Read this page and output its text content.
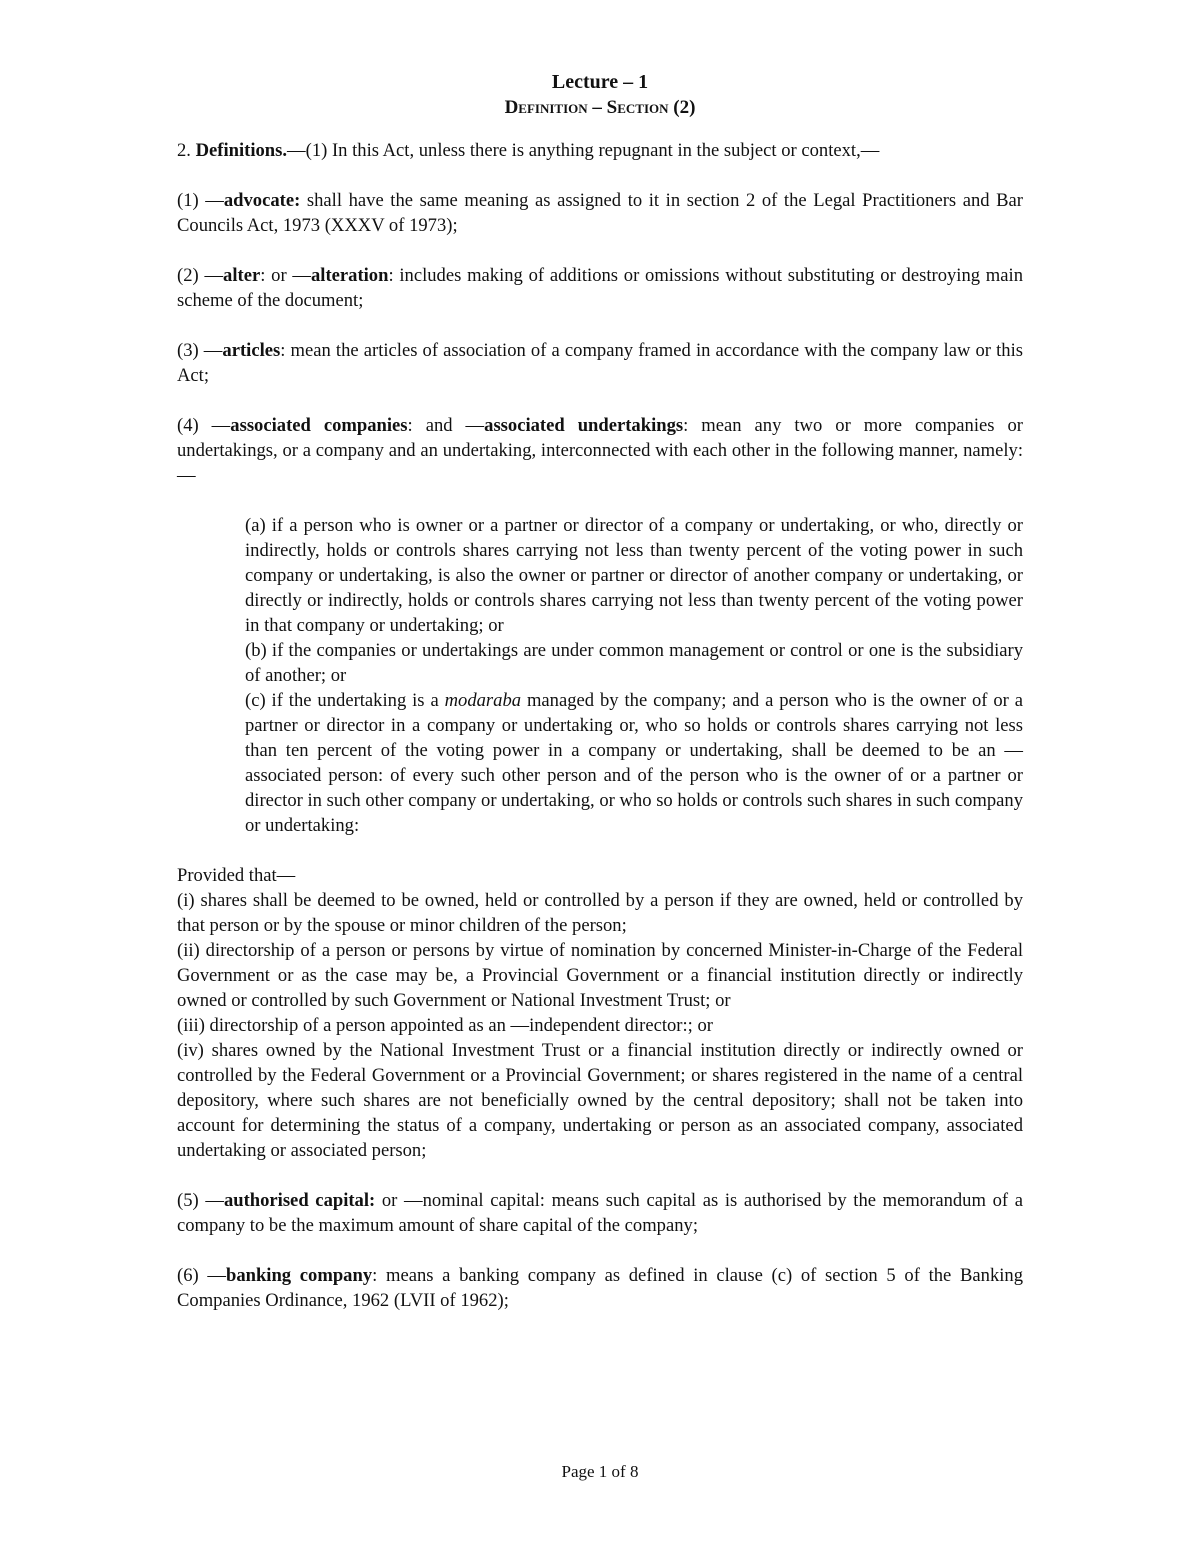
Lecture – 1
Definition – Section (2)

2. Definitions.—(1) In this Act, unless there is anything repugnant in the subject or context,—

(1) —advocate: shall have the same meaning as assigned to it in section 2 of the Legal Practitioners and Bar Councils Act, 1973 (XXXV of 1973);

(2) —alter: or —alteration: includes making of additions or omissions without substituting or destroying main scheme of the document;

(3) —articles: mean the articles of association of a company framed in accordance with the company law or this Act;

(4) —associated companies: and —associated undertakings: mean any two or more companies or undertakings, or a company and an undertaking, interconnected with each other in the following manner, namely:—

(a) if a person who is owner or a partner or director of a company or undertaking, or who, directly or indirectly, holds or controls shares carrying not less than twenty percent of the voting power in such company or undertaking, is also the owner or partner or director of another company or undertaking, or directly or indirectly, holds or controls shares carrying not less than twenty percent of the voting power in that company or undertaking; or

(b) if the companies or undertakings are under common management or control or one is the subsidiary of another; or

(c) if the undertaking is a modaraba managed by the company; and a person who is the owner of or a partner or director in a company or undertaking or, who so holds or controls shares carrying not less than ten percent of the voting power in a company or undertaking, shall be deemed to be an —associated person: of every such other person and of the person who is the owner of or a partner or director in such other company or undertaking, or who so holds or controls such shares in such company or undertaking:

Provided that—

(i) shares shall be deemed to be owned, held or controlled by a person if they are owned, held or controlled by that person or by the spouse or minor children of the person;

(ii) directorship of a person or persons by virtue of nomination by concerned Minister-in-Charge of the Federal Government or as the case may be, a Provincial Government or a financial institution directly or indirectly owned or controlled by such Government or National Investment Trust; or

(iii) directorship of a person appointed as an —independent director:; or

(iv) shares owned by the National Investment Trust or a financial institution directly or indirectly owned or controlled by the Federal Government or a Provincial Government; or shares registered in the name of a central depository, where such shares are not beneficially owned by the central depository; shall not be taken into account for determining the status of a company, undertaking or person as an associated company, associated undertaking or associated person;

(5) —authorised capital: or —nominal capital: means such capital as is authorised by the memorandum of a company to be the maximum amount of share capital of the company;

(6) —banking company: means a banking company as defined in clause (c) of section 5 of the Banking Companies Ordinance, 1962 (LVII of 1962);

Page 1 of 8
